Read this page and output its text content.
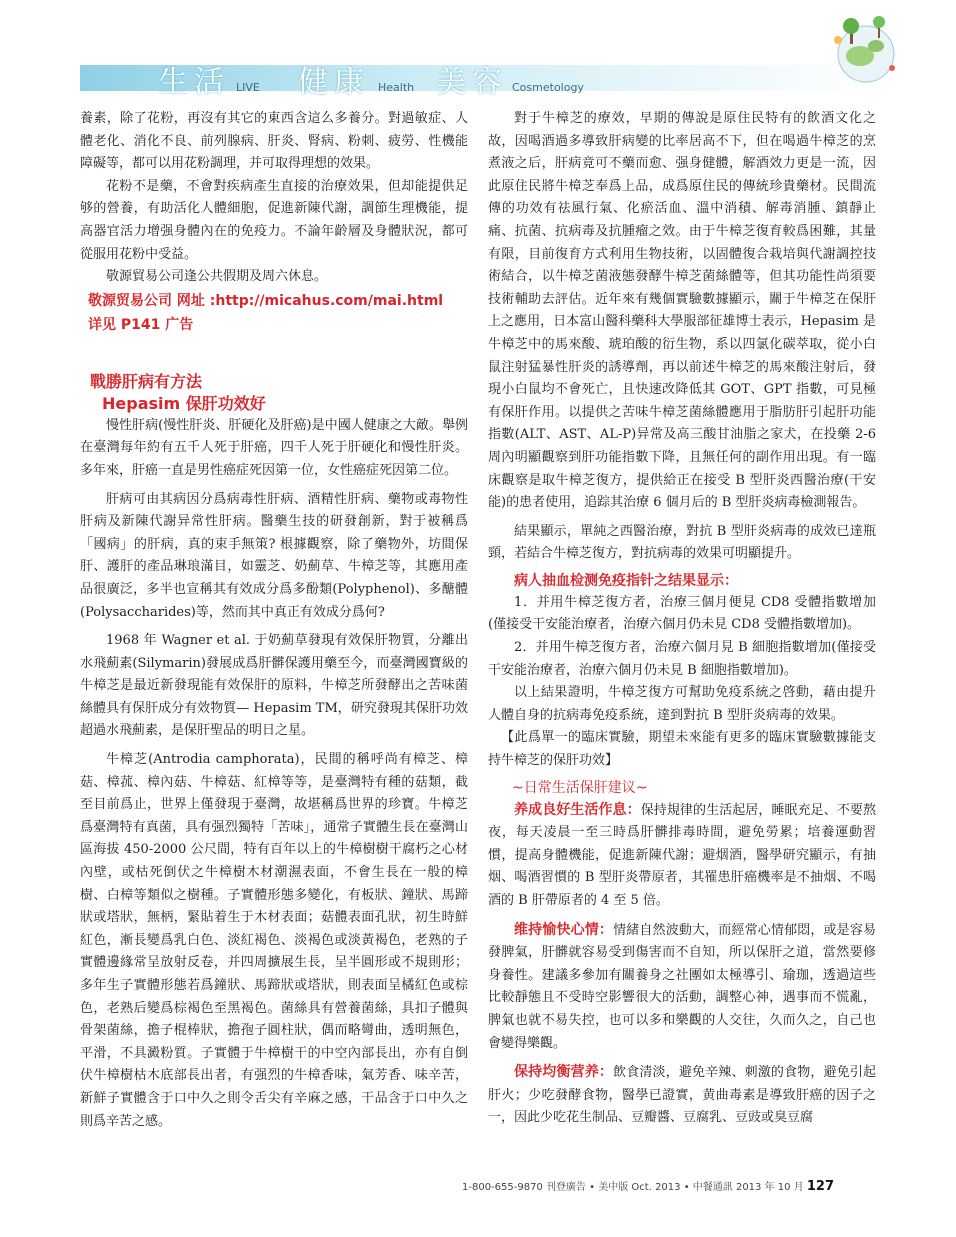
生活 LIVE 健康 Health 美容 Cosmetology

養素，除了花粉，再沒有其它的東西含這么多養分。對過敏症、人體老化、消化不良、前列腺病、肝炎、腎病、粉刺、疲勞、性機能障礙等，都可以用花粉調理，并可取得理想的效果。

花粉不是藥，不會對疾病產生直接的治療效果，但却能提供足够的營養，有助活化人體細胞，促進新陳代謝，調節生理機能，提高器官活力增强身體內在的免疫力。不論年齡層及身體狀況，都可從服用花粉中受益。

敬源貿易公司逢公共假期及周六休息。

敬源贸易公司 网址 :http://micahus.com/mai.html

详见 P141 广告

戰勝肝病有方法

Hepasim 保肝功效好

慢性肝病(慢性肝炎、肝硬化及肝癌)是中國人健康之大敵。舉例在臺灣每年約有五千人死于肝癌，四千人死于肝硬化和慢性肝炎。多年來，肝癌一直是男性癌症死因第一位，女性癌症死因第二位。

肝病可由其病因分爲病毒性肝病、酒精性肝病、藥物或毒物性肝病及新陳代謝异常性肝病。醫藥生技的研發創新，對于被稱爲「國病」的肝病，真的束手無策? 根據觀察，除了藥物外，坊間保肝、護肝的產品琳琅滿目，如靈芝、奶薊草、牛樟芝等，其應用產品很廣泛，多半也宣稱其有效成分爲多酚類(Polyphenol)、多醣體(Polysaccharides)等，然而其中真正有效成分爲何?

1968 年 Wagner et al. 于奶薊草發現有效保肝物質，分離出水飛薊素(Silymarin)發展成爲肝髒保護用藥至今，而臺灣國寶級的牛樟芝是最近新發現能有效保肝的原料，牛樟芝所發酵出之苦味菌絲體具有保肝成分有效物質— Hepasim TM，研究發現其保肝功效超過水飛薊素，是保肝聖品的明日之星。

牛樟芝(Antrodia camphorata)，民間的稱呼尚有樟芝、樟菇、樟菰、樟內菇、牛樟菇、紅樟等等，是臺灣特有種的菇類，截至目前爲止，世界上僅發現于臺灣，故堪稱爲世界的珍寶。牛樟芝爲臺灣特有真菌，具有强烈獨特「苦味」，通常子實體生長在臺灣山區海拔 450-2000 公尺間，特有百年以上的牛樟樹樹干腐朽之心材內壁，或枯死倒伏之牛樟樹木材潮濕表面，不會生長在一般的樟樹、白樟等類似之樹種。子實體形態多變化，有板狀、鐘狀、馬蹄狀或塔狀，無柄，緊貼着生于木材表面；菇體表面孔狀，初生時鮮紅色，漸長變爲乳白色、淡紅褐色、淡褐色或淡黃褐色，老熟的子實體邊緣常呈放射反卷，并四周擴展生長，呈半圓形或不規則形；多年生子實體形態若爲鐘狀、馬蹄狀或塔狀，則表面呈橘紅色或棕色，老熟后變爲棕褐色至黑褐色。菌絲具有營養菌絲，具扣子體與骨架菌絲，擔子棍棒狀，擔孢子圓柱狀，偶而略彎曲，透明無色，平滑，不具澱粉質。子實體于牛樟樹干的中空內部長出，亦有自倒伏牛樟樹枯木底部長出者，有强烈的牛樟香味，氣芳香、味辛苦，新鮮子實體含于口中久之則令舌尖有辛麻之感，干品含于口中久之則爲辛苦之感。

對于牛樟芝的療效，早期的傳說是原住民特有的飲酒文化之故，因喝酒過多導致肝病變的比率居高不下，但在喝過牛樟芝的烹煮液之后，肝病竟可不藥而愈、强身健體，解酒效力更是一流，因此原住民將牛樟芝奉爲上品，成爲原住民的傳統珍貴藥材。民間流傳的功效有祛風行氣、化瘀活血、溫中消積、解毒消腫、鎮靜止痛、抗菌、抗病毒及抗腫瘤之效。由于牛樟芝復育較爲困難，其量有限，目前復育方式利用生物技術，以固體復合栽培與代謝調控技術結合，以牛樟芝菌液態發酵牛樟芝菌絲體等，但其功能性尚須要技術輔助去評估。近年來有幾個實驗數據顯示，關于牛樟芝在保肝上之應用，日本富山醫科藥科大學服部征雄博士表示，Hepasim 是牛樟芝中的馬來酸、琥珀酸的衍生物，系以四氯化碳萃取，從小白鼠注射猛暴性肝炎的誘導劑，再以前述牛樟芝的馬來酸注射后，發現小白鼠均不會死亡，且快速改降低其 GOT、GPT 指數，可見極有保肝作用。以提供之苦味牛樟芝菌絲體應用于脂肪肝引起肝功能指數(ALT、AST、AL-P)异常及高三酸甘油脂之家犬，在投藥 2-6 周內明顯觀察到肝功能指數下降，且無任何的副作用出現。有一臨床觀察是取牛樟芝復方，提供給正在接受 B 型肝炎西醫治療(干安能)的患者使用，追踪其治療 6 個月后的 B 型肝炎病毒檢測報告。

結果顯示，單純之西醫治療，對抗 B 型肝炎病毒的成效已達瓶頸，若結合牛樟芝復方，對抗病毒的效果可明顯提升。

病人抽血检测免疫指针之结果显示：

1．并用牛樟芝復方者，治療三個月便見 CD8 受體指數增加(僅接受干安能治療者，治療六個月仍未見 CD8 受體指數增加)。

2．并用牛樟芝復方者，治療六個月見 B 細胞指數增加(僅接受干安能治療者，治療六個月仍未見 B 細胞指數增加)。

以上結果證明，牛樟芝復方可幫助免疫系統之啓動，藉由提升人體自身的抗病毒免疫系統，達到對抗 B 型肝炎病毒的效果。

【此爲單一的臨床實驗，期望未來能有更多的臨床實驗數據能支持牛樟芝的保肝功效】

~日常生活保肝建议~

养成良好生活作息：保持規律的生活起居，睡眠充足、不要熬夜，每天凌晨一至三時爲肝髒排毒時間，避免勞累；培養運動習慣，提高身體機能，促進新陳代謝；避烟酒，醫學研究顯示，有抽烟、喝酒習慣的 B 型肝炎帶原者，其罹患肝癌機率是不抽烟、不喝酒的 B 肝帶原者的 4 至 5 倍。

维持愉快心情：情緒自然波動大，而經常心情郁悶，或是容易發脾氣，肝髒就容易受到傷害而不自知，所以保肝之道，當然要修身養性。建議多參加有關養身之社團如太極導引、瑜珈，透過這些比較靜態且不受時空影響很大的活動，調整心神，遇事而不慌亂，脾氣也就不易失控，也可以多和樂觀的人交往，久而久之，自己也會變得樂觀。

保持均衡营养：飲食清淡，避免辛辣、刺激的食物，避免引起肝火；少吃發酵食物，醫學已證實，黄曲毒素是導致肝癌的因子之一，因此少吃花生制品、豆瓣醬、豆腐乳、豆豉或臭豆腐

1-800-655-9870 刊登廣告 • 美中版 Oct. 2013 • 中餐通訊 2013 年 10 月 127
